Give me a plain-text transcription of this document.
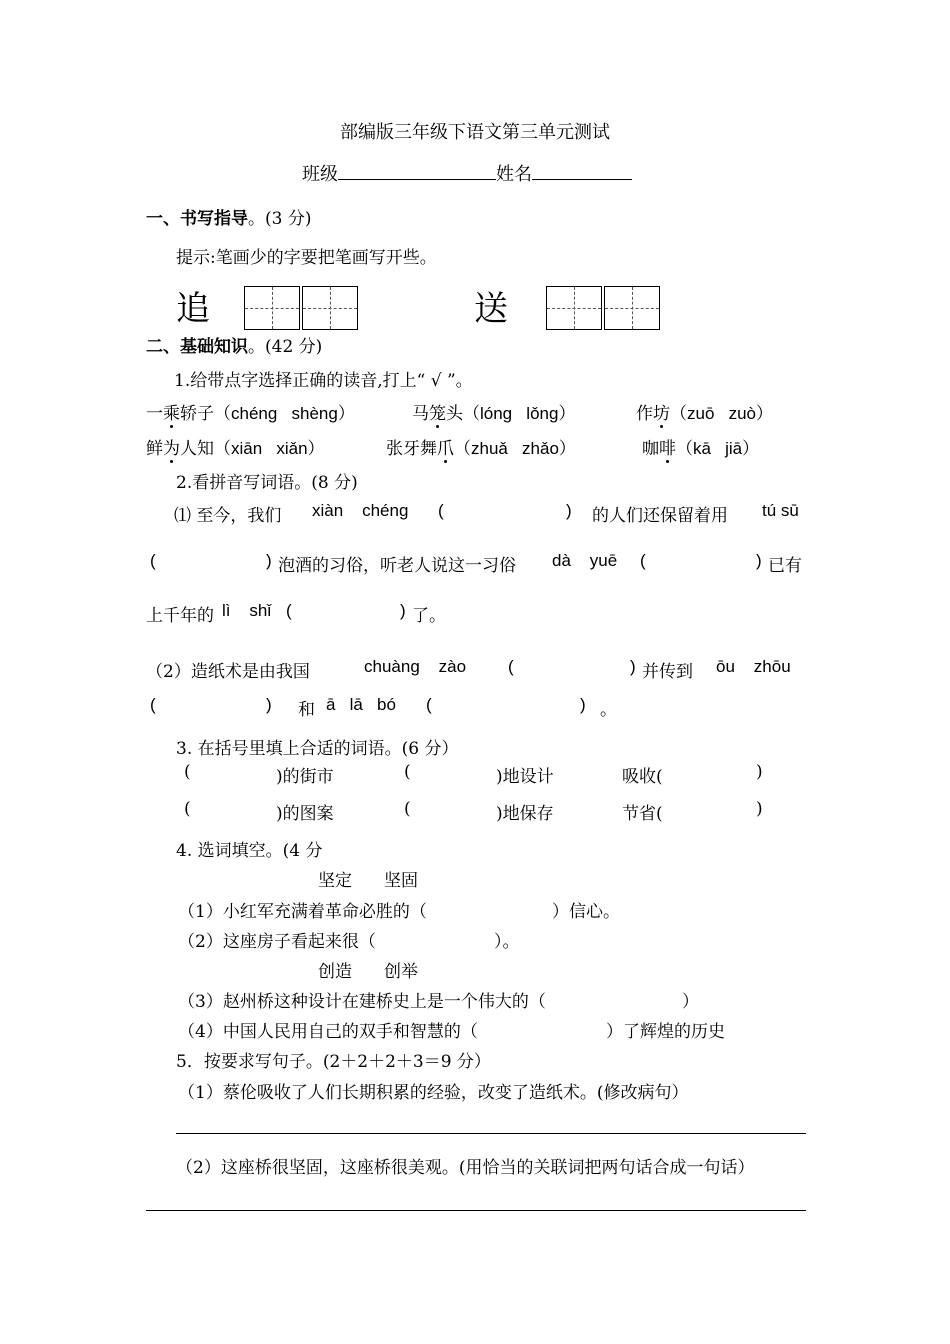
部编版三年级下语文第三单元测试
班级	姓名
一、书写指导。(3 分)
提示:笔画少的字要把笔画写开些。
追	送
二、基础知识。(42 分)
1.给带点字选择正确的读音,打上“ √ ”。
一乘轿子（chéng   shèng）	马笼头（lóng   lǒng）	作坊（zuō   zuò）
鲜为人知（xiān   xiǎn）	张牙舞爪（zhuǎ   zhǎo）	咖啡（kā   jiā）
2.看拼音写词语。(8 分)
⑴ 至今，我们 xiàn    chéng (	) 的人们还保留着用 tú sū
(	) 泡酒的习俗，听老人说这一习俗 dà    yuē (	) 已有
上千年的 lì    shǐ (	) 了。
（2）造纸术是由我国	chuàng    zào (	) 并传到 ōu    zhōu
(	) 和 ā   lā   bó (	) 。
3. 在括号里填上合适的词语。(6 分）
(	)的街市	(	)地设计	吸收(	)
(	)的图案	(	)地保存	节省(	)
4. 选词填空。(4 分
坚定 坚固
（1）小红军充满着革命必胜的（	）信心。
（2）这座房子看起来很（	）。
创造 创举
（3）赵州桥这种设计在建桥史上是一个伟大的（	）
（4）中国人民用自己的双手和智慧的（	）了辉煌的历史
5．按要求写句子。(2＋2＋2＋3＝9 分）
（1）蔡伦吸收了人们长期积累的经验，改变了造纸术。(修改病句）
（2）这座桥很坚固，这座桥很美观。(用恰当的关联词把两句话合成一句话）
